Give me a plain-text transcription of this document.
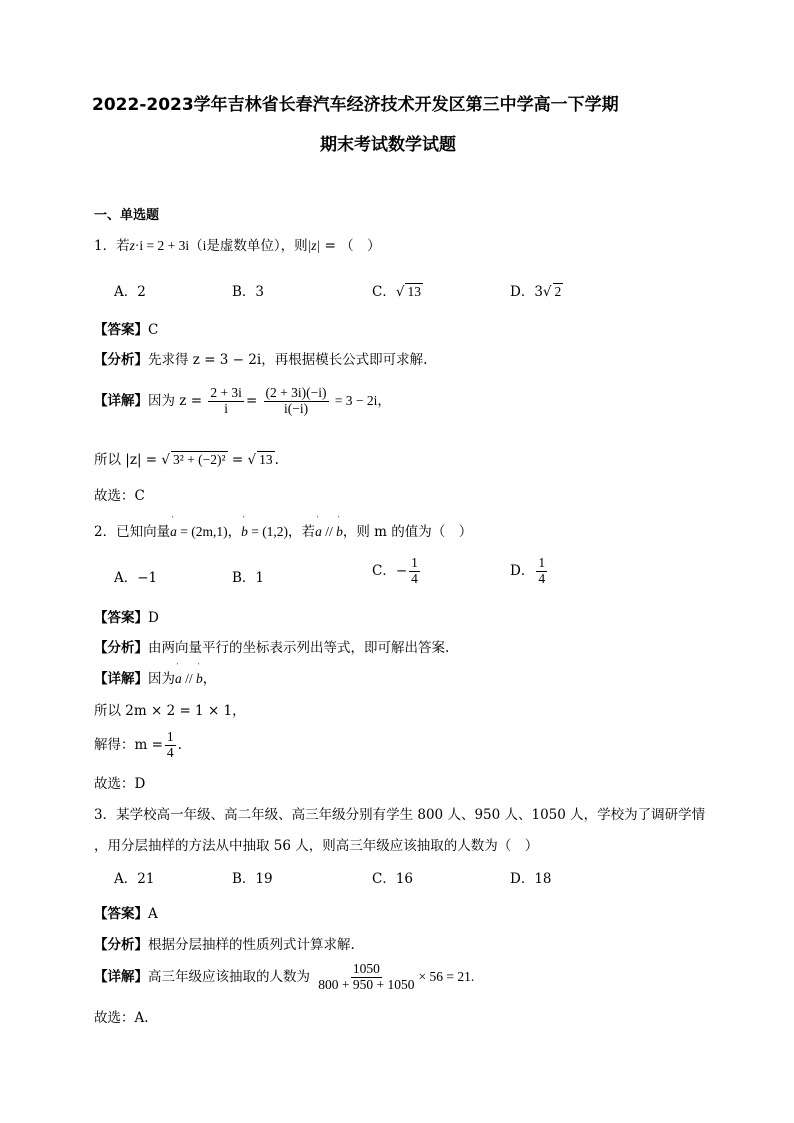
2022-2023学年吉林省长春汽车经济技术开发区第三中学高一下学期
期末考试数学试题
一、单选题
1．若z·i = 2 + 3i（i是虚数单位），则|z| = （　）
A．2	B．3	C．√ 13	D．3√ 2
【答案】C
【分析】先求得 z = 3 − 2i，再根据模长公式即可求解.
【详解】因为 $z = \frac{2 + 3i}{i} = \frac{(2 + 3i)(-i)}{i(-i)} = 3 - 2i$，
所以 |z| = √ 3² + (−2)² = √ 13 .
故选：C
2．已知向量ˈ a = (2m,1)，ˈ b = (1,2)，若ˈ a // ˈ b，则 m 的值为（　）
A．−1	B．1	C．− $\frac{1}{4}$	D． $\frac{1}{4}$
【答案】D
【分析】由两向量平行的坐标表示列出等式，即可解出答案.
【详解】因为ˈ a // ˈ b，
所以 2m × 2 = 1 × 1，
解得：$m = \frac{1}{4}$ .
故选：D
3．某学校高一年级、高二年级、高三年级分别有学生 800 人、950 人、1050 人，学校为了调研学情
，用分层抽样的方法从中抽取 56 人，则高三年级应该抽取的人数为（　）
A．21	B．19	C．16	D．18
【答案】A
【分析】根据分层抽样的性质列式计算求解.
【详解】高三年级应该抽取的人数为 $\frac{1050}{800 + 950 + 1050} \times 56 = 21$.
故选：A.
